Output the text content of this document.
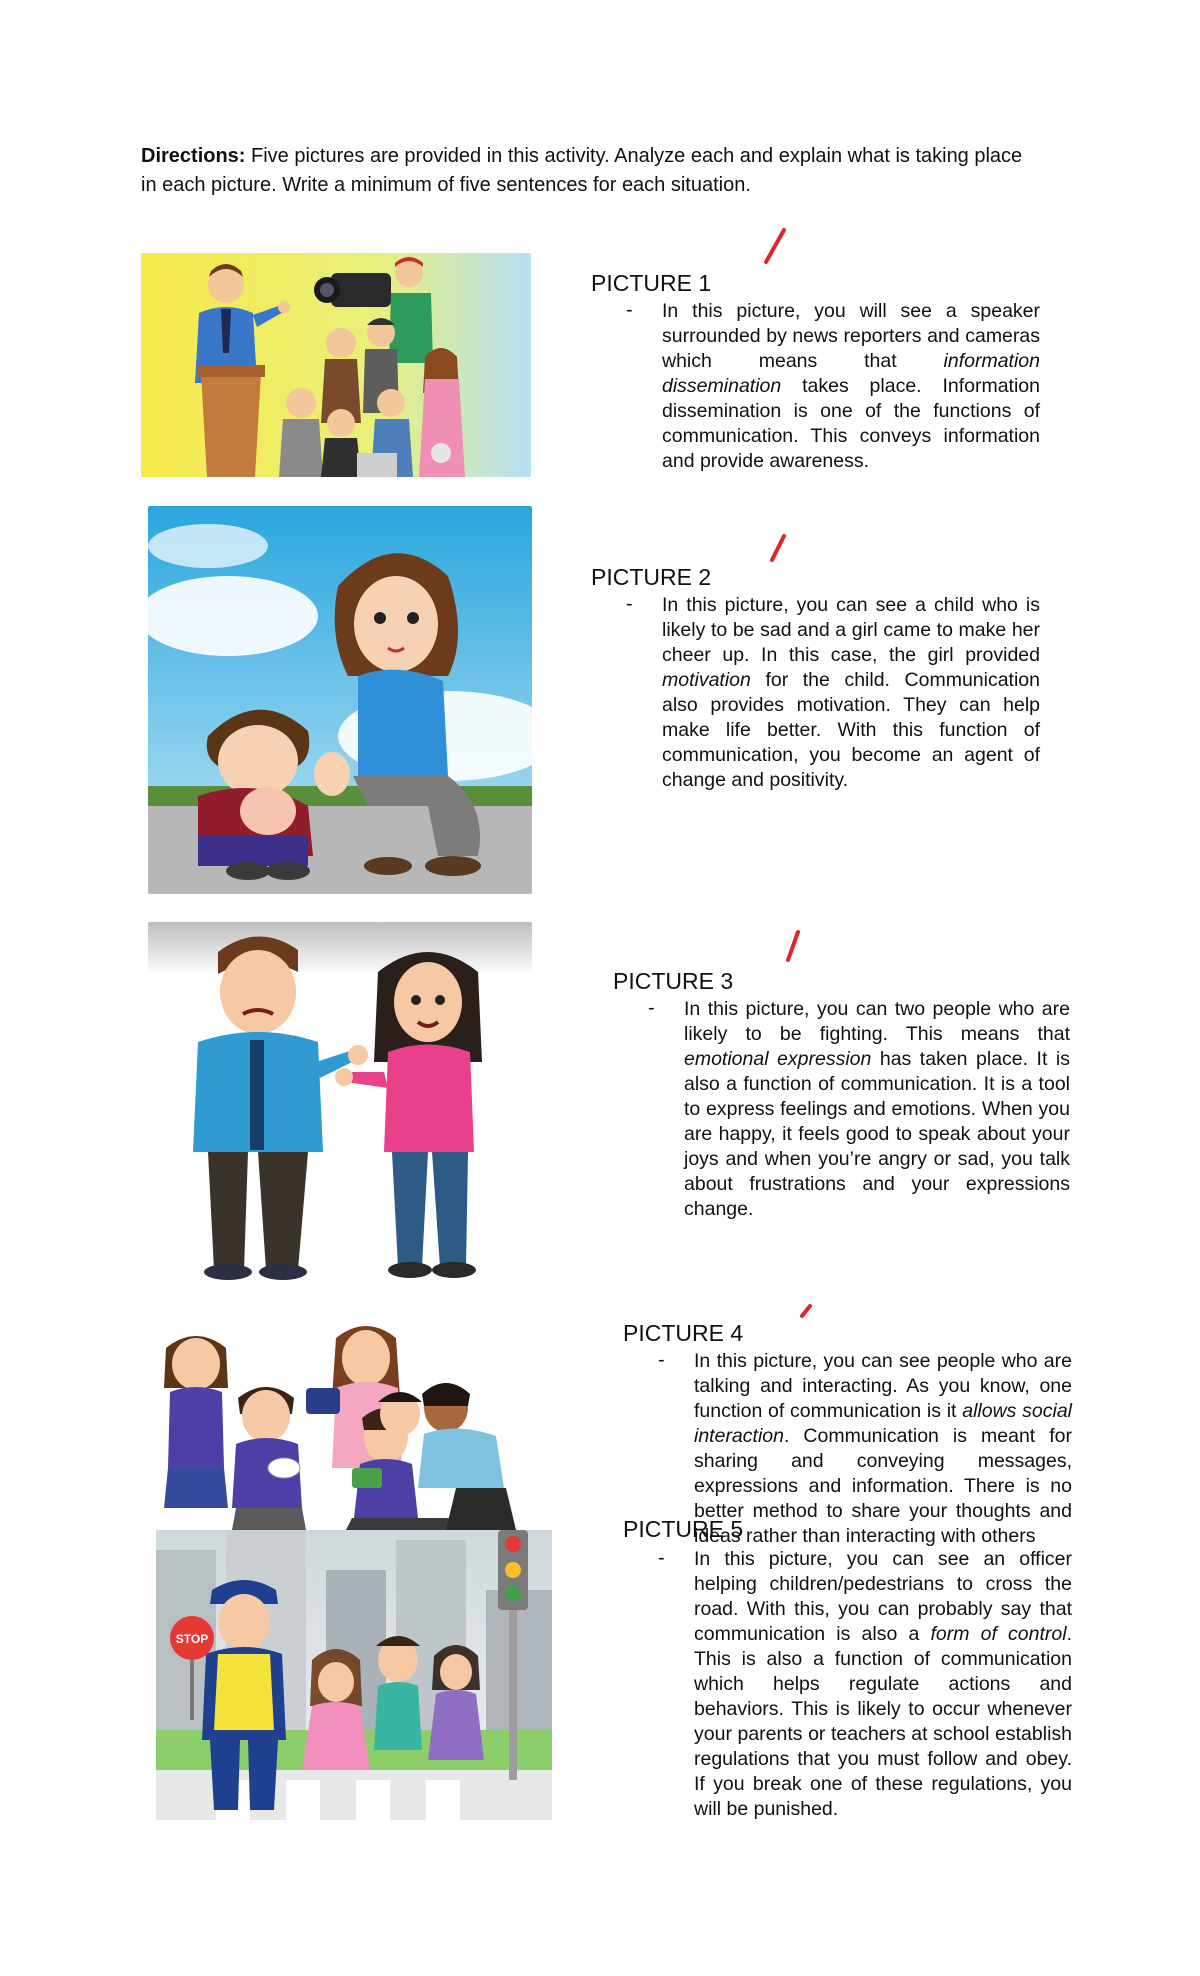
Directions: Five pictures are provided in this activity. Analyze each and explain what is taking place in each picture. Write a minimum of five sentences for each situation.
STOP
PICTURE 1
- In this picture, you will see a speaker surrounded by news reporters and cameras which means that information dissemination takes place. Information dissemination is one of the functions of communication. This conveys information and provide awareness.
PICTURE 2
- In this picture, you can see a child who is likely to be sad and a girl came to make her cheer up. In this case, the girl provided motivation for the child. Communication also provides motivation. They can help make life better. With this function of communication, you become an agent of change and positivity.
PICTURE 3
- In this picture, you can two people who are likely to be fighting. This means that emotional expression has taken place. It is also a function of communication. It is a tool to express feelings and emotions. When you are happy, it feels good to speak about your joys and when you’re angry or sad, you talk about frustrations and your expressions change.
PICTURE 4
- In this picture, you can see people who are talking and interacting. As you know, one function of communication is it allows social interaction. Communication is meant for sharing and conveying messages, expressions and information. There is no better method to share your thoughts and ideas rather than interacting with others
PICTURE 5
- In this picture, you can see an officer helping children/pedestrians to cross the road. With this, you can probably say that communication is also a form of control. This is also a function of communication which helps regulate actions and behaviors. This is likely to occur whenever your parents or teachers at school establish regulations that you must follow and obey. If you break one of these regulations, you will be punished.
